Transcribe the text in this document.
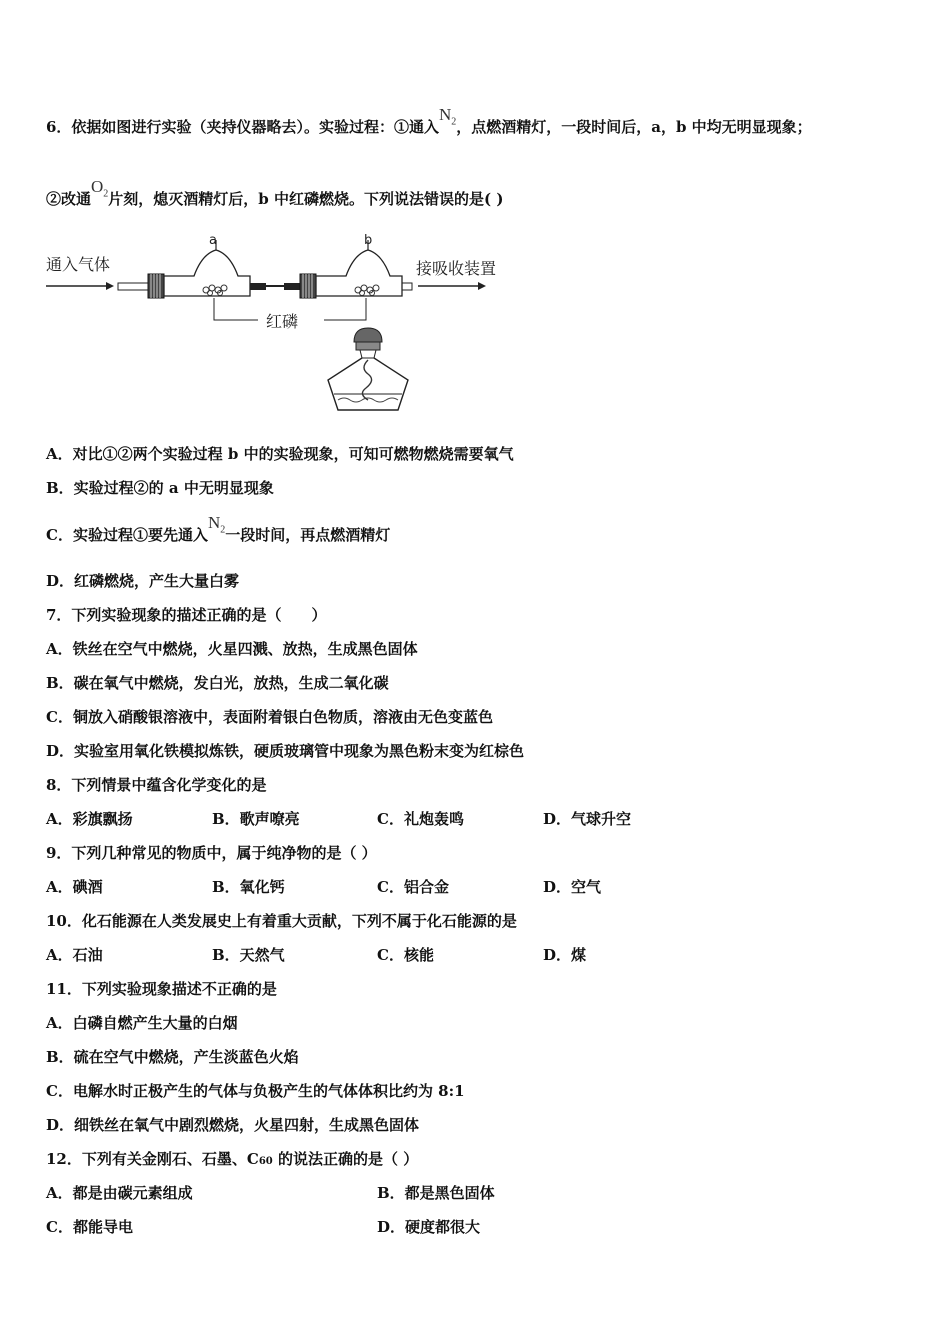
6．依据如图进行实验（夹持仪器略去）。实验过程：①通入$N_2$，点燃酒精灯，一段时间后，a，b 中均无明显现象；
②改通$O_2$片刻，熄灭酒精灯后，b 中红磷燃烧。下列说法错误的是( )
通入气体
a	b
接吸收装置
红磷
A．对比①②两个实验过程 b 中的实验现象，可知可燃物燃烧需要氧气
B．实验过程②的 a 中无明显现象
C．实验过程①要先通入$N_2$一段时间，再点燃酒精灯
D．红磷燃烧，产生大量白雾
7．下列实验现象的描述正确的是（　　）
A．铁丝在空气中燃烧，火星四溅、放热，生成黑色固体
B．碳在氧气中燃烧，发白光，放热，生成二氧化碳
C．铜放入硝酸银溶液中，表面附着银白色物质，溶液由无色变蓝色
D．实验室用氧化铁模拟炼铁，硬质玻璃管中现象为黑色粉末变为红棕色
8．下列情景中蕴含化学变化的是
A．彩旗飘扬	B．歌声嘹亮	C．礼炮轰鸣	D．气球升空
9．下列几种常见的物质中，属于纯净物的是（ ）
A．碘酒	B．氧化钙	C．铝合金	D．空气
10．化石能源在人类发展史上有着重大贡献，下列不属于化石能源的是
A．石油	B．天然气	C．核能	D．煤
11．下列实验现象描述不正确的是
A．白磷自燃产生大量的白烟
B．硫在空气中燃烧，产生淡蓝色火焰
C．电解水时正极产生的气体与负极产生的气体体积比约为 8:1
D．细铁丝在氧气中剧烈燃烧，火星四射，生成黑色固体
12．下列有关金刚石、石墨、C60 的说法正确的是（ ）
A．都是由碳元素组成	B．都是黑色固体
C．都能导电	D．硬度都很大
